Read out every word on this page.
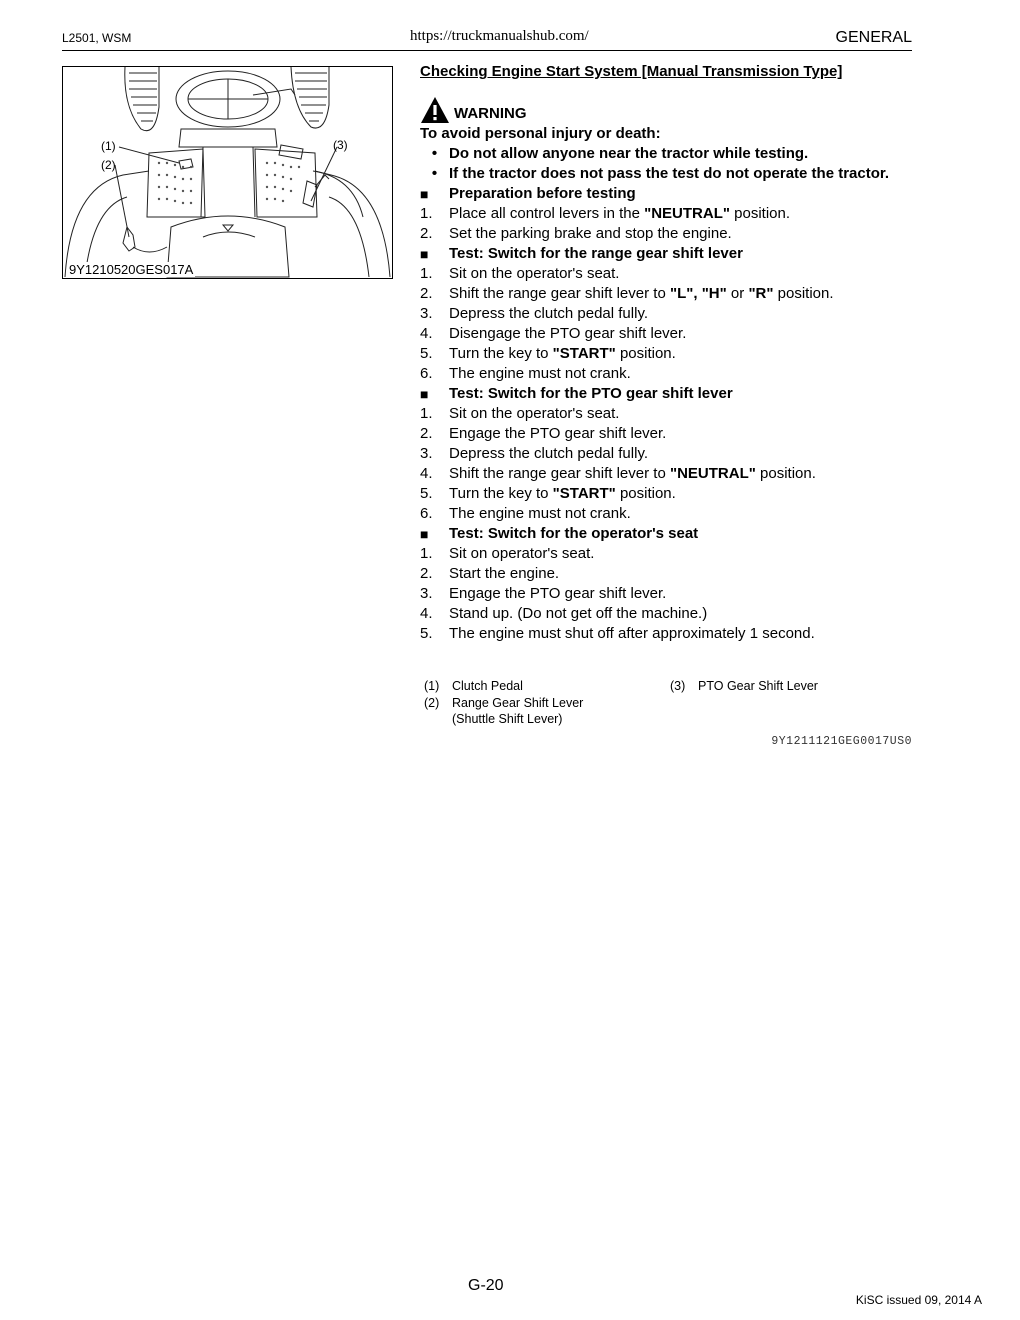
L2501, WSM	https://truckmanualshub.com/	GENERAL
(1)
(2)
(3)
9Y1210520GES017A
Checking Engine Start System [Manual Transmission Type]
WARNING
To avoid personal injury or death:
• Do not allow anyone near the tractor while testing.
• If the tractor does not pass the test do not operate the tractor.
■	Preparation before testing
1.	Place all control levers in the "NEUTRAL" position.
2.	Set the parking brake and stop the engine.
■	Test: Switch for the range gear shift lever
1.	Sit on the operator's seat.
2.	Shift the range gear shift lever to "L", "H" or "R" position.
3.	Depress the clutch pedal fully.
4.	Disengage the PTO gear shift lever.
5.	Turn the key to "START" position.
6.	The engine must not crank.
■	Test: Switch for the PTO gear shift lever
1.	Sit on the operator's seat.
2.	Engage the PTO gear shift lever.
3.	Depress the clutch pedal fully.
4.	Shift the range gear shift lever to "NEUTRAL" position.
5.	Turn the key to "START" position.
6.	The engine must not crank.
■	Test: Switch for the operator's seat
1.	Sit on operator's seat.
2.	Start the engine.
3.	Engage the PTO gear shift lever.
4.	Stand up. (Do not get off the machine.)
5.	The engine must shut off after approximately 1 second.
(1) Clutch Pedal	(3) PTO Gear Shift Lever
(2) Range Gear Shift Lever
(Shuttle Shift Lever)
9Y1211121GEG0017US0
G-20
KiSC issued 09, 2014 A
